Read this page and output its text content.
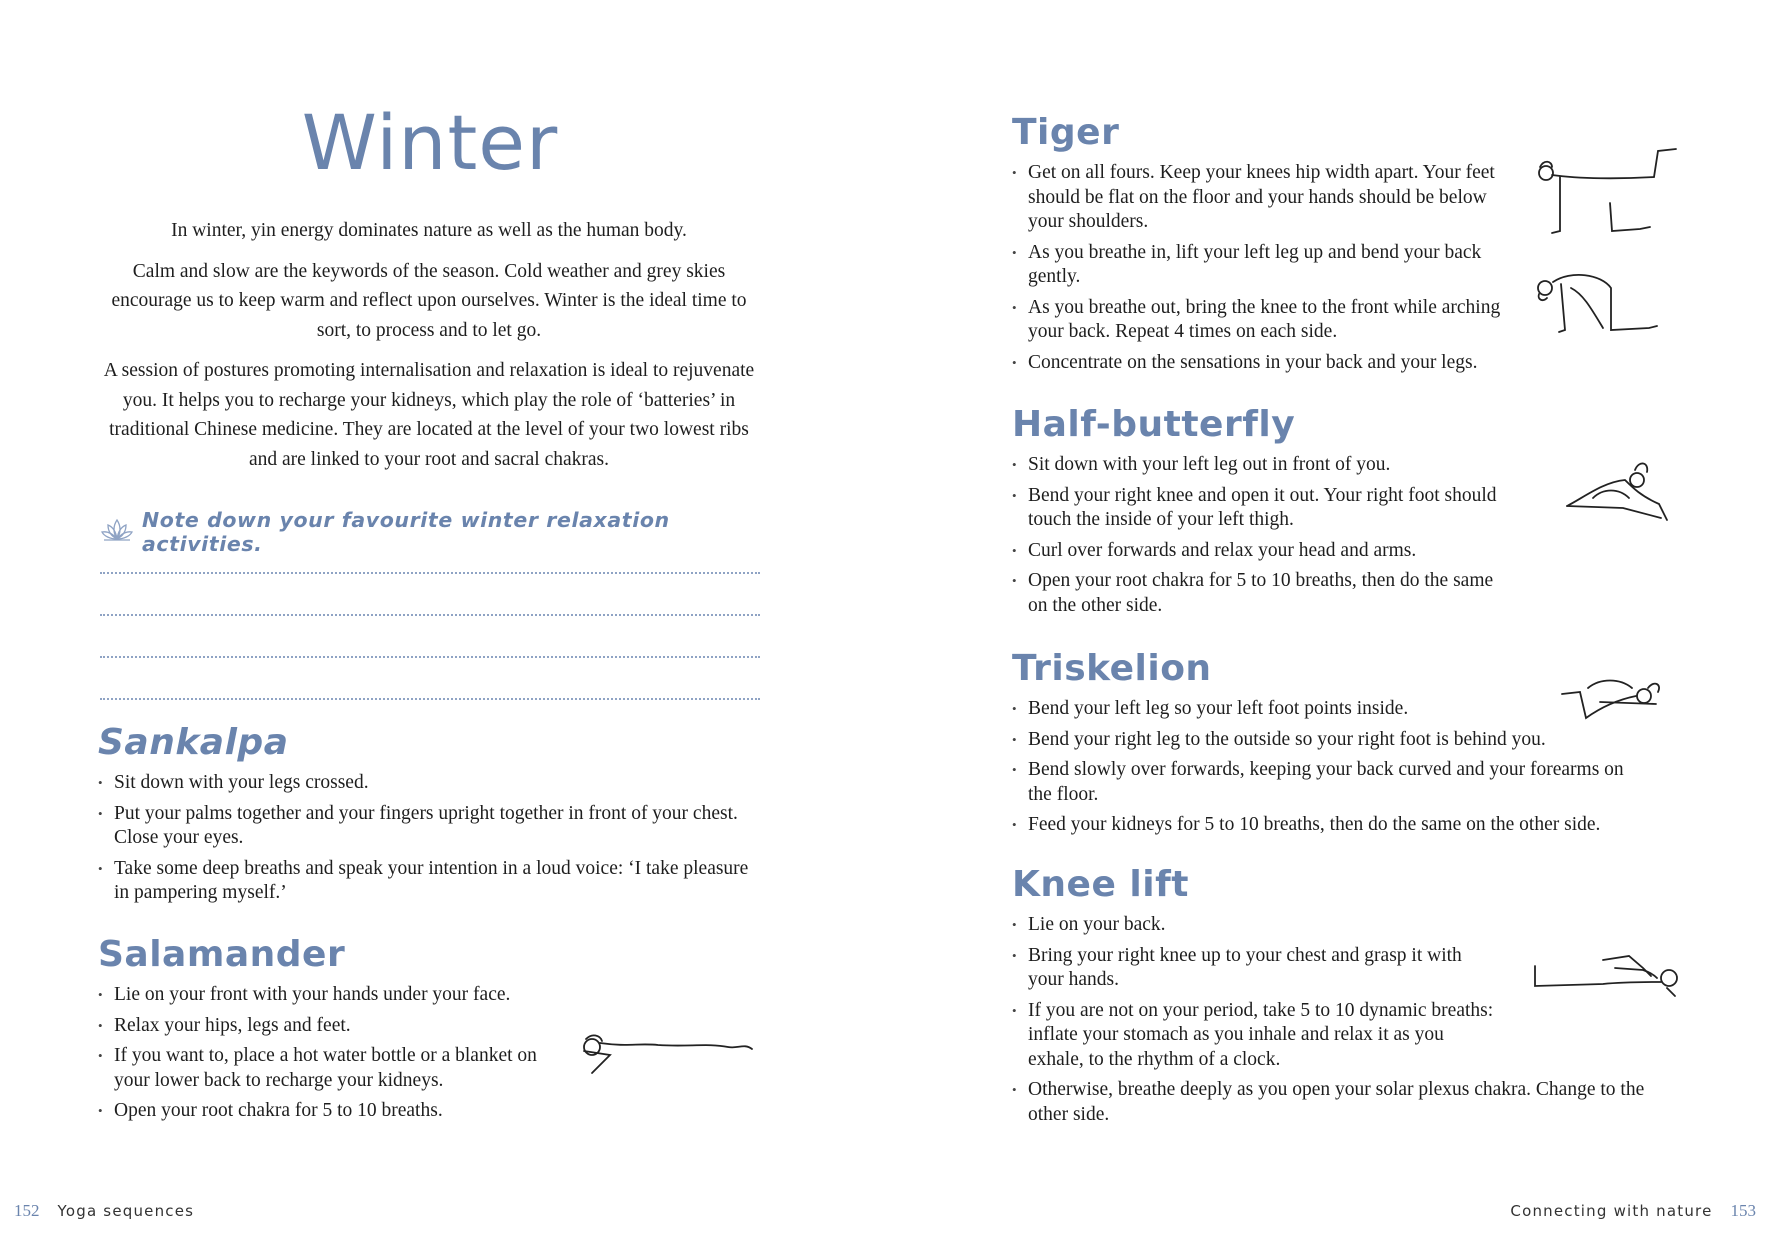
Winter

In winter, yin energy dominates nature as well as the human body.

Calm and slow are the keywords of the season. Cold weather and grey skies encourage us to keep warm and reflect upon ourselves. Winter is the ideal time to sort, to process and to let go.

A session of postures promoting internalisation and relaxation is ideal to rejuvenate you. It helps you to recharge your kidneys, which play the role of ‘batteries’ in traditional Chinese medicine. They are located at the level of your two lowest ribs and are linked to your root and sacral chakras.

Note down your favourite winter relaxation activities.
Sankalpa
• Sit down with your legs crossed.
• Put your palms together and your fingers upright together in front of your chest. Close your eyes.
• Take some deep breaths and speak your intention in a loud voice: ‘I take pleasure in pampering myself.’
Salamander
• Lie on your front with your hands under your face.
• Relax your hips, legs and feet.
• If you want to, place a hot water bottle or a blanket on your lower back to recharge your kidneys.
• Open your root chakra for 5 to 10 breaths.
152 Yoga sequences
Tiger
• Get on all fours. Keep your knees hip width apart. Your feet should be flat on the floor and your hands should be below your shoulders.
• As you breathe in, lift your left leg up and bend your back gently.
• As you breathe out, bring the knee to the front while arching your back. Repeat 4 times on each side.
• Concentrate on the sensations in your back and your legs.
Half-butterfly
• Sit down with your left leg out in front of you.
• Bend your right knee and open it out. Your right foot should touch the inside of your left thigh.
• Curl over forwards and relax your head and arms.
• Open your root chakra for 5 to 10 breaths, then do the same on the other side.
Triskelion
• Bend your left leg so your left foot points inside.
• Bend your right leg to the outside so your right foot is behind you.
• Bend slowly over forwards, keeping your back curved and your forearms on the floor.
• Feed your kidneys for 5 to 10 breaths, then do the same on the other side.
Knee lift
• Lie on your back.
• Bring your right knee up to your chest and grasp it with your hands.
• If you are not on your period, take 5 to 10 dynamic breaths: inflate your stomach as you inhale and relax it as you exhale, to the rhythm of a clock.
• Otherwise, breathe deeply as you open your solar plexus chakra. Change to the other side.
Connecting with nature 153
